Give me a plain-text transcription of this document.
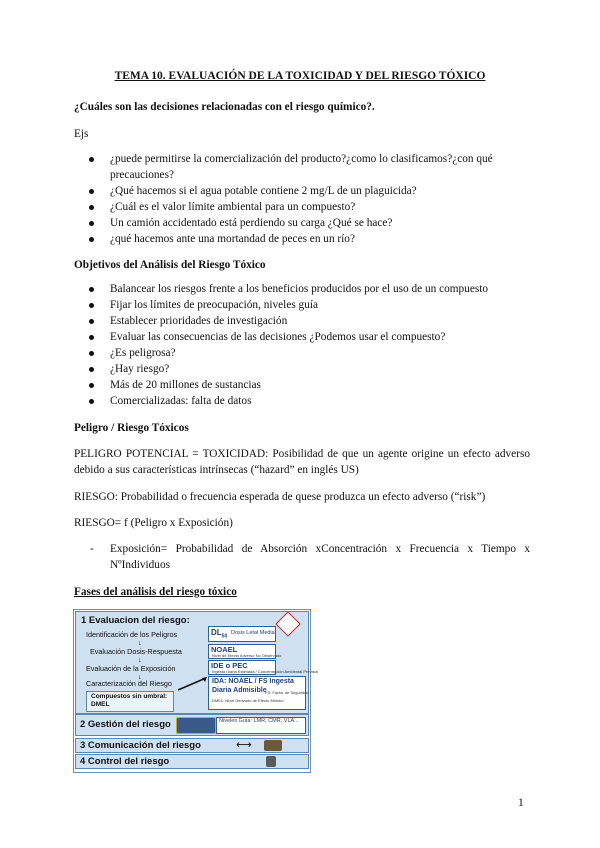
TEMA 10. EVALUACIÓN DE LA TOXICIDAD Y DEL RIESGO TÓXICO
¿Cuáles son las decisiones relacionadas con el riesgo químico?.
Ejs
¿puede permitirse la comercialización del producto?¿como lo clasificamos?¿con qué precauciones?
¿Qué hacemos si el agua potable contiene 2 mg/L de un plaguicida?
¿Cuál es el valor límite ambiental para un compuesto?
Un camión accidentado está perdiendo su carga ¿Qué se hace?
¿qué hacemos ante una mortandad de peces en un río?
Objetivos del Análisis del Riesgo Tóxico
Balancear los riesgos frente a los beneficios producidos por el uso de un compuesto
Fijar los límites de preocupación, niveles guía
Establecer prioridades de investigación
Evaluar las consecuencias de las decisiones ¿Podemos usar el compuesto?
¿Es peligrosa?
¿Hay riesgo?
Más de 20 millones de sustancias
Comercializadas: falta de datos
Peligro / Riesgo Tóxicos
PELIGRO POTENCIAL = TOXICIDAD: Posibilidad de que un agente origine un efecto adverso debido a sus características intrínsecas (“hazard” en inglés US)
RIESGO: Probabilidad o frecuencia esperada de quese produzca un efecto adverso (“risk”)
RIESGO= f (Peligro x Exposición)
- Exposición= Probabilidad de Absorción xConcentración x Frecuencia x Tiempo x NºIndividuos
Fases del análisis del riesgo tóxico
1 Evaluacion del riesgo:
Identificación de los Peligros
↓
Evaluación Dosis-Respuesta
↓
Evaluación de la Exposición
↓
Caracterización del Riesgo
$DL_{50}$
Dosis Letal Media
NOAEL
Nivel de Efecto Adverso No Observado
IDE o PEC
Ingesta Diaria Estimada / Concentración Ambiental Prevista
IDA: NOAEL / FS Ingesta
Diaria Admisible
FS: Factor de Seguridad
DMEL: Nivel Derivado de Efecto Mínimo
Compuestos sin umbral:
DMEL
2 Gestión del riesgo	Niveles Guía: LMR, CMR, VLA...
3 Comunicación del riesgo	⟷
4 Control del riesgo
1
